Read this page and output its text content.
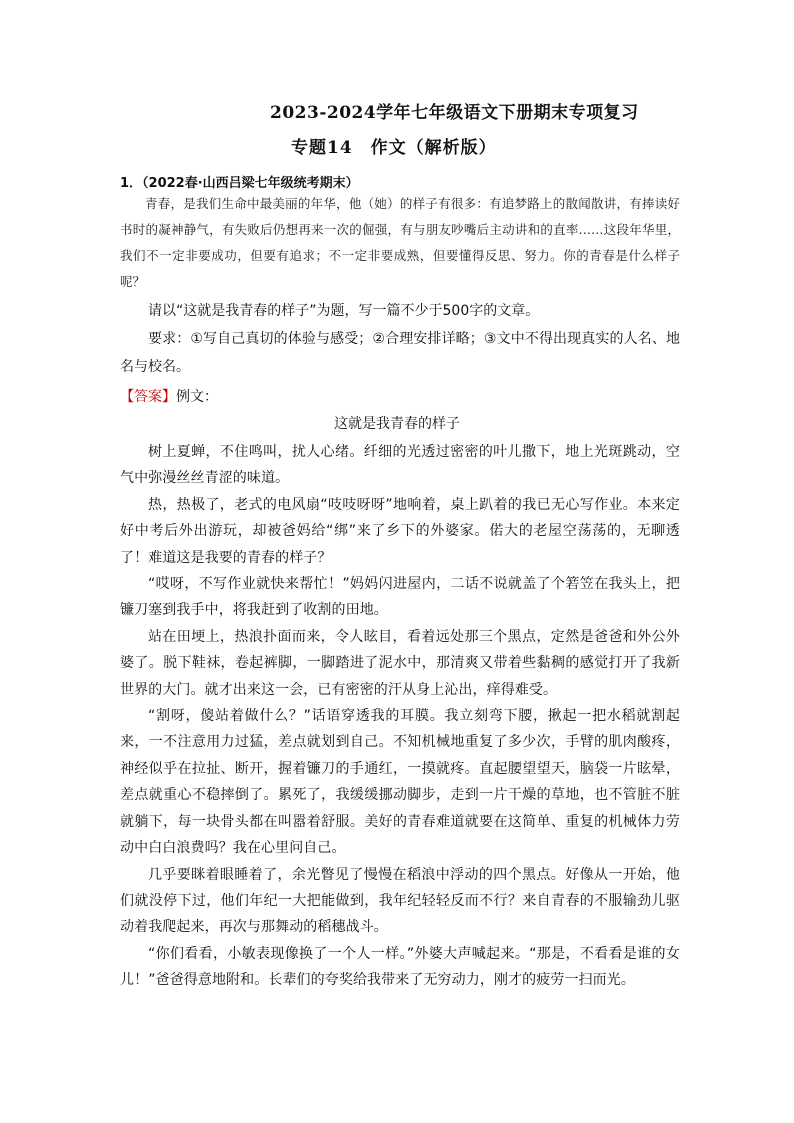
2023-2024学年七年级语文下册期末专项复习
专题14　作文（解析版）
1．（2022春·山西吕梁七年级统考期末）

青春，是我们生命中最美丽的年华，他（她）的样子有很多：有追梦路上的散闻散讲，有捧读好书时的凝神静气，有失败后仍想再来一次的倔强，有与朋友吵嘴后主动讲和的直率……这段年华里，我们不一定非要成功，但要有追求；不一定非要成熟，但要懂得反思、努力。你的青春是什么样子呢？

请以“这就是我青春的样子”为题，写一篇不少于500字的文章。

要求：①写自己真切的体验与感受；②合理安排详略；③文中不得出现真实的人名、地名与校名。

【答案】例文：
这就是我青春的样子

树上夏蝉，不住鸣叫，扰人心绪。纤细的光透过密密的叶儿撒下，地上光斑跳动，空气中弥漫丝丝青涩的味道。

热，热极了，老式的电风扇“吱吱呀呀”地响着，桌上趴着的我已无心写作业。本来定好中考后外出游玩，却被爸妈给“绑”来了乡下的外婆家。偌大的老屋空荡荡的，无聊透了！难道这是我要的青春的样子？

“哎呀，不写作业就快来帮忙！”妈妈闪进屋内，二话不说就盖了个箬笠在我头上，把镰刀塞到我手中，将我赶到了收割的田地。

站在田埂上，热浪扑面而来，令人眩目，看着远处那三个黑点，定然是爸爸和外公外婆了。脱下鞋袜，卷起裤脚，一脚踏进了泥水中，那清爽又带着些黏稠的感觉打开了我新世界的大门。就才出来这一会，已有密密的汗从身上沁出，痒得难受。

“割呀，傻站着做什么？”话语穿透我的耳膜。我立刻弯下腰，揪起一把水稻就割起来，一不注意用力过猛，差点就划到自己。不知机械地重复了多少次，手臂的肌肉酸疼，神经似乎在拉扯、断开，握着镰刀的手通红，一摸就疼。直起腰望望天，脑袋一片眩晕，差点就重心不稳摔倒了。累死了，我缓缓挪动脚步，走到一片干燥的草地，也不管脏不脏就躺下，每一块骨头都在叫嚣着舒服。美好的青春难道就要在这简单、重复的机械体力劳动中白白浪费吗？我在心里问自己。

几乎要眯着眼睡着了，余光瞥见了慢慢在稻浪中浮动的四个黑点。好像从一开始，他们就没停下过，他们年纪一大把能做到，我年纪轻轻反而不行？来自青春的不服输劲儿驱动着我爬起来，再次与那舞动的稻穗战斗。

“你们看看，小敏表现像换了一个人一样。”外婆大声喊起来。“那是，不看看是谁的女儿！”爸爸得意地附和。长辈们的夸奖给我带来了无穷动力，刚才的疲劳一扫而光。
